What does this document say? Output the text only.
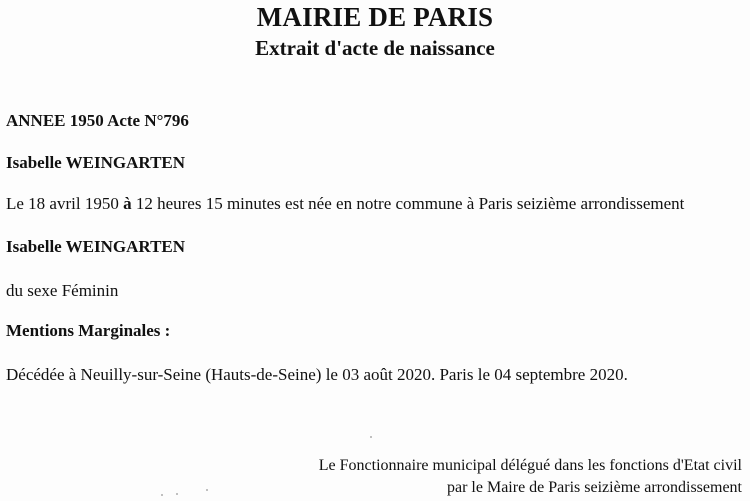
MAIRIE DE PARIS
Extrait d'acte de naissance
ANNEE 1950 Acte N°796
Isabelle WEINGARTEN
Le 18 avril 1950 à 12 heures 15 minutes est née en notre commune à Paris seizième arrondissement
Isabelle WEINGARTEN
du sexe Féminin
Mentions Marginales :
Décédée à Neuilly-sur-Seine (Hauts-de-Seine) le 03 août 2020. Paris le 04 septembre 2020.
Le Fonctionnaire municipal délégué dans les fonctions d'Etat civil
par le Maire de Paris seizième arrondissement
